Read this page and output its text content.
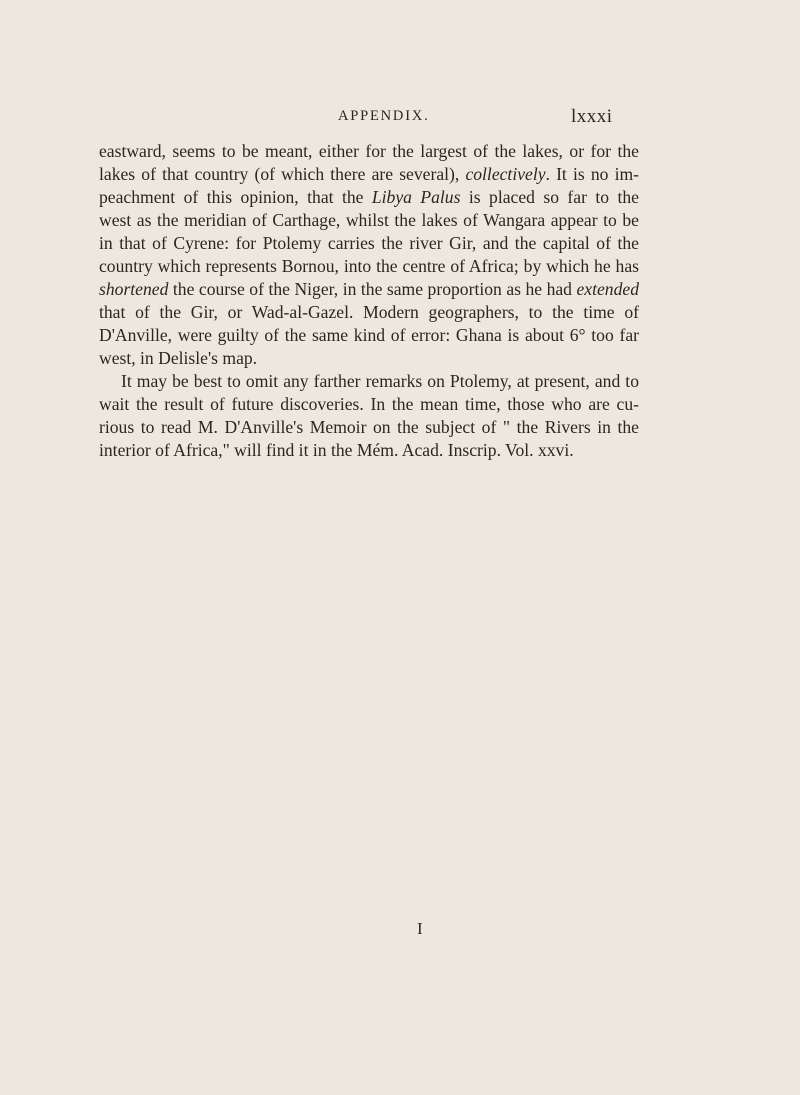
APPENDIX.	lxxxi

eastward, seems to be meant, either for the largest of the lakes, or for the
lakes of that country (of which there are several), collectively. It is no im-
peachment of this opinion, that the Libya Palus is placed so far to the
west as the meridian of Carthage, whilst the lakes of Wangara appear to be
in that of Cyrene: for Ptolemy carries the river Gir, and the capital of the
country which represents Bornou, into the centre of Africa; by which he has
shortened the course of the Niger, in the same proportion as he had extended
that of the Gir, or Wad-al-Gazel. Modern geographers, to the time of
D'Anville, were guilty of the same kind of error: Ghana is about 6° too far
west, in Delisle's map.

It may be best to omit any farther remarks on Ptolemy, at present, and to
wait the result of future discoveries. In the mean time, those who are cu-
rious to read M. D'Anville's Memoir on the subject of " the Rivers in the
interior of Africa," will find it in the Mém. Acad. Inscrip. Vol. xxvi.

I
